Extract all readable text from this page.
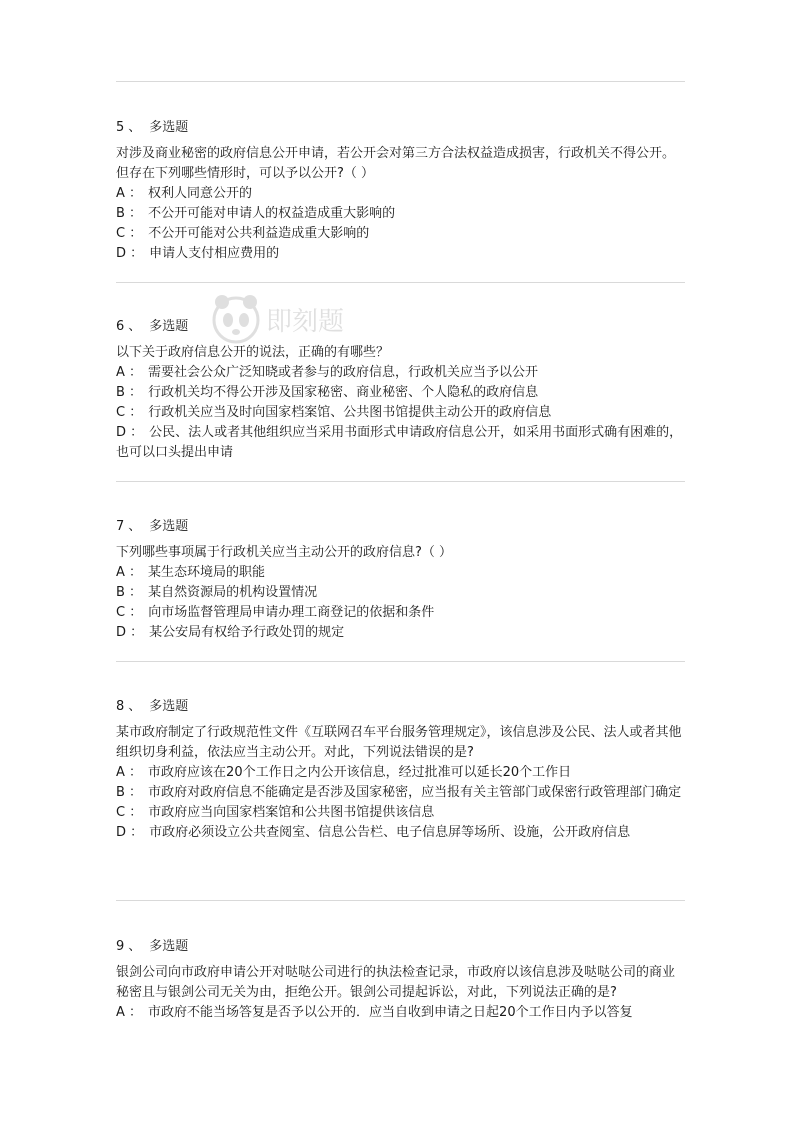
5 、 多选题
对涉及商业秘密的政府信息公开申请，若公开会对第三方合法权益造成损害，行政机关不得公开。但存在下列哪些情形时，可以予以公开?（ ）
A ： 权利人同意公开的
B ： 不公开可能对申请人的权益造成重大影响的
C ： 不公开可能对公共利益造成重大影响的
D ： 申请人支付相应费用的
6 、 多选题
以下关于政府信息公开的说法，正确的有哪些？
A ： 需要社会公众广泛知晓或者参与的政府信息，行政机关应当予以公开
B ： 行政机关均不得公开涉及国家秘密、商业秘密、个人隐私的政府信息
C ： 行政机关应当及时向国家档案馆、公共图书馆提供主动公开的政府信息
D ： 公民、法人或者其他组织应当采用书面形式申请政府信息公开，如采用书面形式确有困难的，也可以口头提出申请
7 、 多选题
下列哪些事项属于行政机关应当主动公开的政府信息?（ ）
A ： 某生态环境局的职能
B ： 某自然资源局的机构设置情况
C ： 向市场监督管理局申请办理工商登记的依据和条件
D ： 某公安局有权给予行政处罚的规定
8 、 多选题
某市政府制定了行政规范性文件《互联网召车平台服务管理规定》，该信息涉及公民、法人或者其他组织切身利益，依法应当主动公开。对此，下列说法错误的是?
A ： 市政府应该在20个工作日之内公开该信息，经过批准可以延长20个工作日
B ： 市政府对政府信息不能确定是否涉及国家秘密，应当报有关主管部门或保密行政管理部门确定
C ： 市政府应当向国家档案馆和公共图书馆提供该信息
D ： 市政府必须设立公共查阅室、信息公告栏、电子信息屏等场所、设施，公开政府信息
9 、 多选题
银剑公司向市政府申请公开对哒哒公司进行的执法检查记录，市政府以该信息涉及哒哒公司的商业秘密且与银剑公司无关为由，拒绝公开。银剑公司提起诉讼，对此，下列说法正确的是?
A ： 市政府不能当场答复是否予以公开的．应当自收到申请之日起20个工作日内予以答复
即刻题
